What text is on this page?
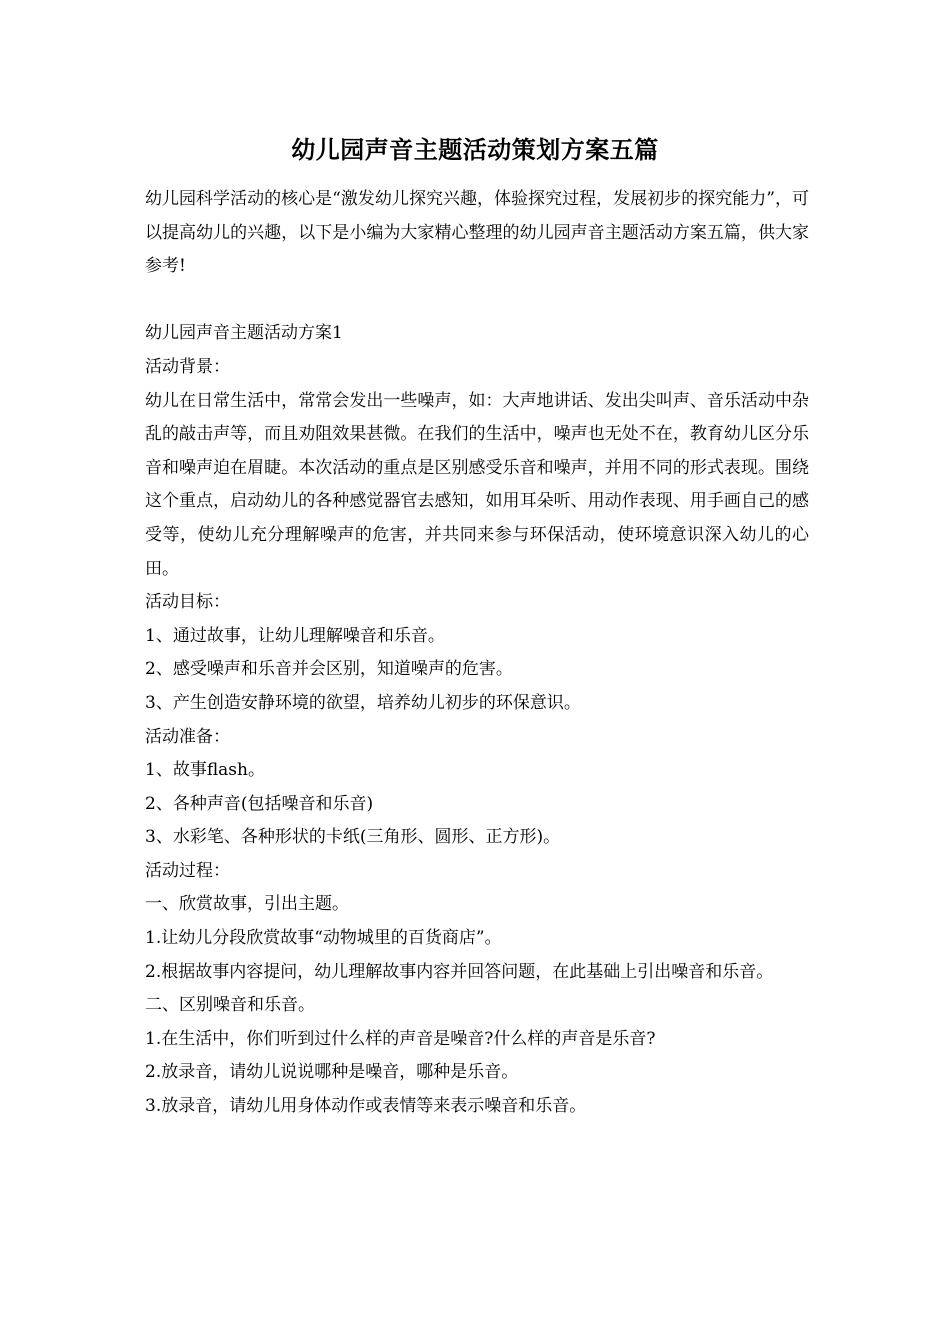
幼儿园声音主题活动策划方案五篇

幼儿园科学活动的核心是“激发幼儿探究兴趣，体验探究过程，发展初步的探究能力”，可以提高幼儿的兴趣，以下是小编为大家精心整理的幼儿园声音主题活动方案五篇，供大家参考!

幼儿园声音主题活动方案1

活动背景：

幼儿在日常生活中，常常会发出一些噪声，如：大声地讲话、发出尖叫声、音乐活动中杂乱的敲击声等，而且劝阻效果甚微。在我们的生活中，噪声也无处不在，教育幼儿区分乐音和噪声迫在眉睫。本次活动的重点是区别感受乐音和噪声，并用不同的形式表现。围绕这个重点，启动幼儿的各种感觉器官去感知，如用耳朵听、用动作表现、用手画自己的感受等，使幼儿充分理解噪声的危害，并共同来参与环保活动，使环境意识深入幼儿的心田。

活动目标：

1、通过故事，让幼儿理解噪音和乐音。

2、感受噪声和乐音并会区别，知道噪声的危害。

3、产生创造安静环境的欲望，培养幼儿初步的环保意识。

活动准备：

1、故事flash。

2、各种声音(包括噪音和乐音)

3、水彩笔、各种形状的卡纸(三角形、圆形、正方形)。

活动过程：

一、欣赏故事，引出主题。

1.让幼儿分段欣赏故事“动物城里的百货商店”。

2.根据故事内容提问，幼儿理解故事内容并回答问题，在此基础上引出噪音和乐音。

二、区别噪音和乐音。

1.在生活中，你们听到过什么样的声音是噪音?什么样的声音是乐音?

2.放录音，请幼儿说说哪种是噪音，哪种是乐音。

3.放录音，请幼儿用身体动作或表情等来表示噪音和乐音。
